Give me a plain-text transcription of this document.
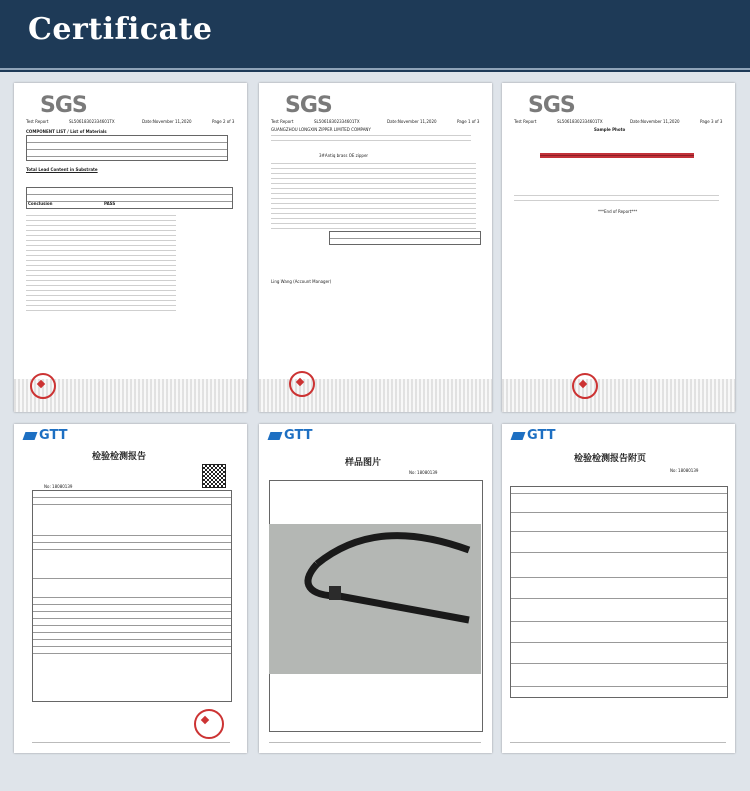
Certificate
SGS

Test Report	SL50618302334601TX	Date:November 11,2020	Page 2 of 3

COMPONENT LIST / List of Materials

Total Lead Content in Substrate

Conclusion	PASS

SGS

Test Report	SL50618302334601TX	Date:November 11,2020	Page 1 of 3

GUANGZHOU LONGXIN ZIPPER LIMITED COMPANY

3#Antiq brass OE zipper

Ling Wang (Account Manager)

SGS

Test Report	SL50618302334601TX	Date:November 11,2020	Page 3 of 3

Sample Photo

***End of Report***

GTT

检验检测报告

No: 18080139

GTT

样品图片

No: 18080139

GTT

检验检测报告附页

No: 18080139
